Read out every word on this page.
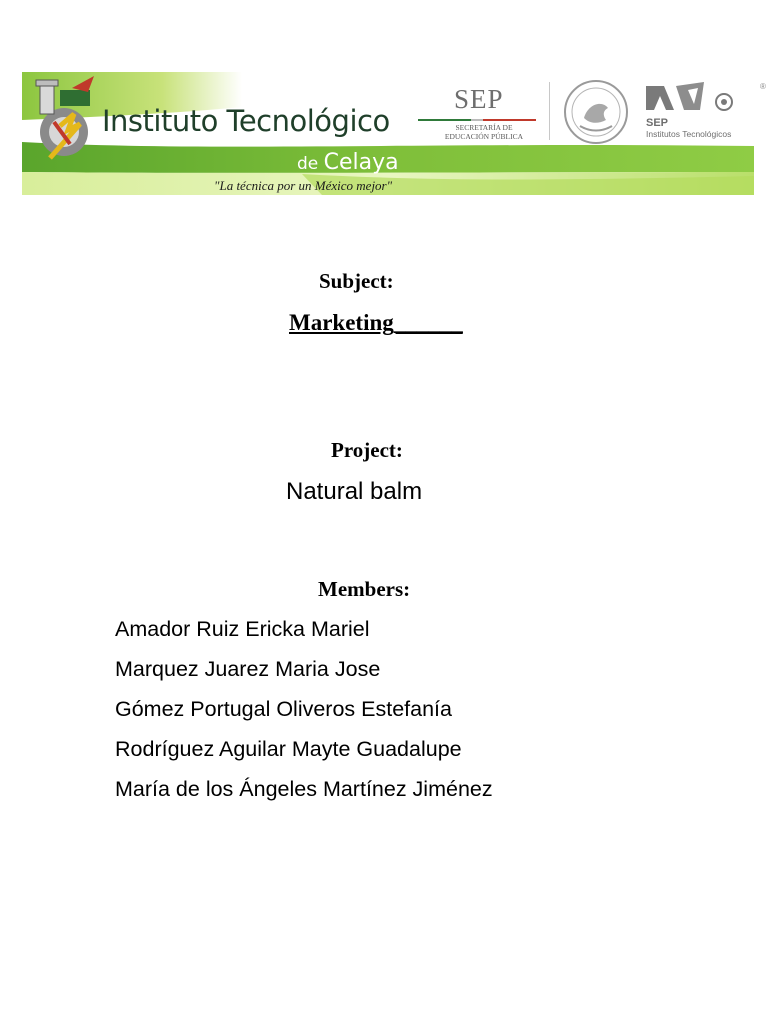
Instituto Tecnológico
de Celaya
"La técnica por un México mejor"
SEP
SECRETARÍA DE
EDUCACIÓN PÚBLICA
SEP
Institutos Tecnológicos
®
Subject:
Marketing______
Project:
Natural balm
Members:
Amador Ruiz Ericka Mariel
Marquez Juarez Maria Jose
Gómez Portugal Oliveros Estefanía
Rodríguez Aguilar Mayte Guadalupe
María de los Ángeles Martínez Jiménez
